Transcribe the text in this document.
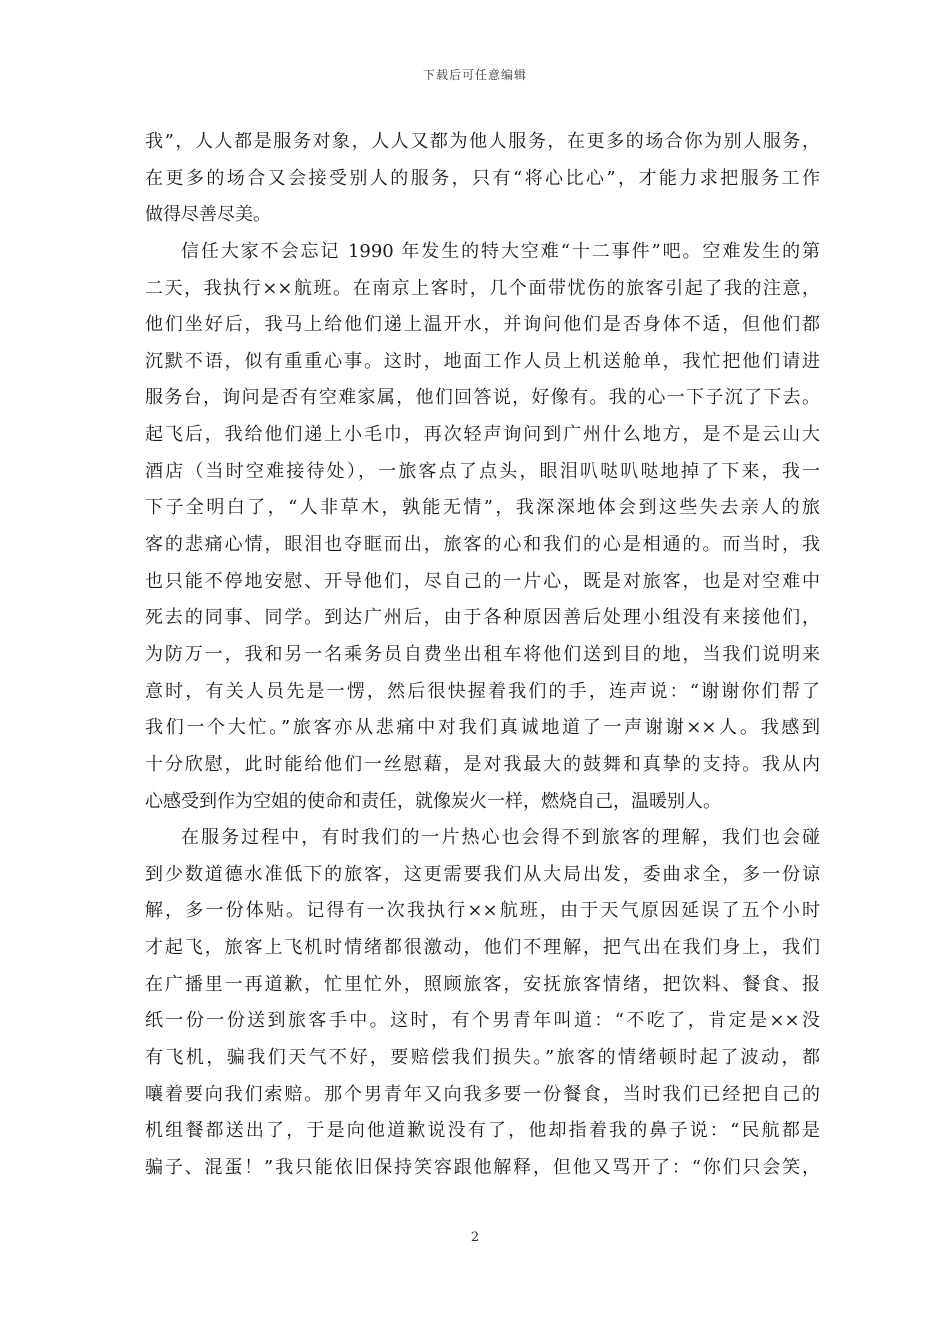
下载后可任意编辑
我”，人人都是服务对象，人人又都为他人服务，在更多的场合你为别人服务，
在更多的场合又会接受别人的服务，只有“将心比心”，才能力求把服务工作
做得尽善尽美。
信任大家不会忘记 1990 年发生的特大空难“十二事件”吧。空难发生的第
二天，我执行××航班。在南京上客时，几个面带忧伤的旅客引起了我的注意，
他们坐好后，我马上给他们递上温开水，并询问他们是否身体不适，但他们都
沉默不语，似有重重心事。这时，地面工作人员上机送舱单，我忙把他们请进
服务台，询问是否有空难家属，他们回答说，好像有。我的心一下子沉了下去。
起飞后，我给他们递上小毛巾，再次轻声询问到广州什么地方，是不是云山大
酒店（当时空难接待处），一旅客点了点头，眼泪叭哒叭哒地掉了下来，我一
下子全明白了，“人非草木，孰能无情”，我深深地体会到这些失去亲人的旅
客的悲痛心情，眼泪也夺眶而出，旅客的心和我们的心是相通的。而当时，我
也只能不停地安慰、开导他们，尽自己的一片心，既是对旅客，也是对空难中
死去的同事、同学。到达广州后，由于各种原因善后处理小组没有来接他们，
为防万一，我和另一名乘务员自费坐出租车将他们送到目的地，当我们说明来
意时，有关人员先是一愣，然后很快握着我们的手，连声说：“谢谢你们帮了
我们一个大忙。”旅客亦从悲痛中对我们真诚地道了一声谢谢××人。我感到
十分欣慰，此时能给他们一丝慰藉，是对我最大的鼓舞和真挚的支持。我从内
心感受到作为空姐的使命和责任，就像炭火一样，燃烧自己，温暖别人。
在服务过程中，有时我们的一片热心也会得不到旅客的理解，我们也会碰
到少数道德水准低下的旅客，这更需要我们从大局出发，委曲求全，多一份谅
解，多一份体贴。记得有一次我执行××航班，由于天气原因延误了五个小时
才起飞，旅客上飞机时情绪都很激动，他们不理解，把气出在我们身上，我们
在广播里一再道歉，忙里忙外，照顾旅客，安抚旅客情绪，把饮料、餐食、报
纸一份一份送到旅客手中。这时，有个男青年叫道：“不吃了，肯定是××没
有飞机，骗我们天气不好，要赔偿我们损失。”旅客的情绪顿时起了波动，都
嚷着要向我们索赔。那个男青年又向我多要一份餐食，当时我们已经把自己的
机组餐都送出了，于是向他道歉说没有了，他却指着我的鼻子说：“民航都是
骗子、混蛋！”我只能依旧保持笑容跟他解释，但他又骂开了：“你们只会笑，
2
